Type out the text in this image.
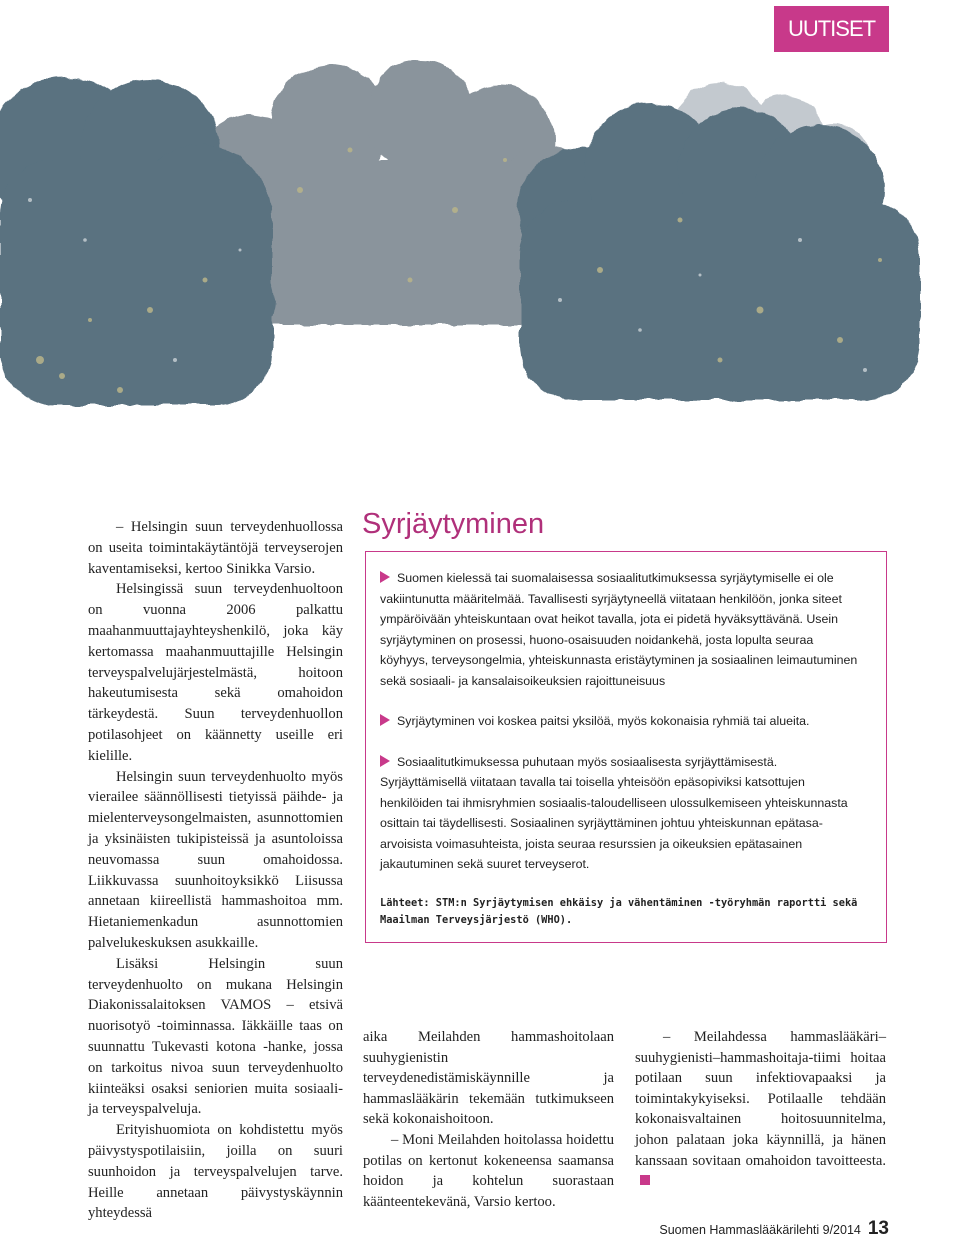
UUTISET

– Helsingin suun terveydenhuollossa on useita toimintakäytäntöjä terveyserojen kaventamiseksi, kertoo Sinikka Varsio.

Helsingissä suun terveydenhuoltoon on vuonna 2006 palkattu maahanmuuttajayhteyshenkilö, joka käy kertomassa maahanmuuttajille Helsingin terveyspalvelujärjestelmästä, hoitoon hakeutumisesta sekä omahoidon tärkeydestä. Suun terveydenhuollon potilasohjeet on käännetty useille eri kielille.

Helsingin suun terveydenhuolto myös vierailee säännöllisesti tietyissä päihde- ja mielenterveysongelmaisten, asunnottomien ja yksinäisten tukipisteissä ja asuntoloissa neuvomassa suun omahoidossa. Liikkuvassa suunhoitoyksikkö Liisussa annetaan kiireellistä hammashoitoa mm. Hietaniemenkadun asunnottomien palvelukeskuksen asukkaille.

Lisäksi Helsingin suun terveydenhuolto on mukana Helsingin Diakonissalaitoksen VAMOS – etsivä nuorisotyö -toiminnassa. Iäkkäille taas on suunnattu Tukevasti kotona -hanke, jossa on tarkoitus nivoa suun terveydenhuolto kiinteäksi osaksi seniorien muita sosiaali- ja terveyspalveluja.

Erityishuomiota on kohdistettu myös päivystyspotilaisiin, joilla on suuri suunhoidon ja terveyspalvelujen tarve. Heille annetaan päivystyskäynnin yhteydessä

Syrjäytyminen
Suomen kielessä tai suomalaisessa sosiaalitutkimuksessa syrjäytymiselle ei ole vakiintunutta määritelmää. Tavallisesti syrjäytyneellä viitataan henkilöön, jonka siteet ympäröivään yhteiskuntaan ovat heikot tavalla, jota ei pidetä hyväksyttävänä. Usein syrjäytyminen on prosessi, huono-osaisuuden noidankehä, josta lopulta seuraa köyhyys, terveysongelmia, yhteiskunnasta eristäytyminen ja sosiaalinen leimautuminen sekä sosiaali- ja kansalaisoikeuksien rajoittuneisuus
Syrjäytyminen voi koskea paitsi yksilöä, myös kokonaisia ryhmiä tai alueita.
Sosiaalitutkimuksessa puhutaan myös sosiaalisesta syrjäyttämisestä. Syrjäyttämisellä viitataan tavalla tai toisella yhteisöön epäsopiviksi katsottujen henkilöiden tai ihmisryhmien sosiaalis-taloudelliseen ulossulkemiseen yhteiskunnasta osittain tai täydellisesti. Sosiaalinen syrjäyttäminen johtuu yhteiskunnan epätasa-arvoisista voimasuhteista, joista seuraa resurssien ja oikeuksien epätasainen jakautuminen sekä suuret terveyserot.
Lähteet: STM:n Syrjäytymisen ehkäisy ja vähentäminen -työryhmän raportti sekä Maailman Terveysjärjestö (WHO).

aika Meilahden hammashoitolaan suuhygienistin terveydenedistämiskäynnille ja hammaslääkärin tekemään tutkimukseen sekä kokonaishoitoon.

– Moni Meilahden hoitolassa hoidettu potilas on kertonut kokeneensa saamansa hoidon ja kohtelun suorastaan käänteentekevänä, Varsio kertoo.

– Meilahdessa hammaslääkäri–suuhygienisti–hammashoitaja-tiimi hoitaa potilaan suun infektiovapaaksi ja toimintakykyiseksi. Potilaalle tehdään kokonaisvaltainen hoitosuunnitelma, johon palataan joka käynnillä, ja hänen kanssaan sovitaan omahoidon tavoitteesta.

Suomen Hammaslääkärilehti 9/2014 13
